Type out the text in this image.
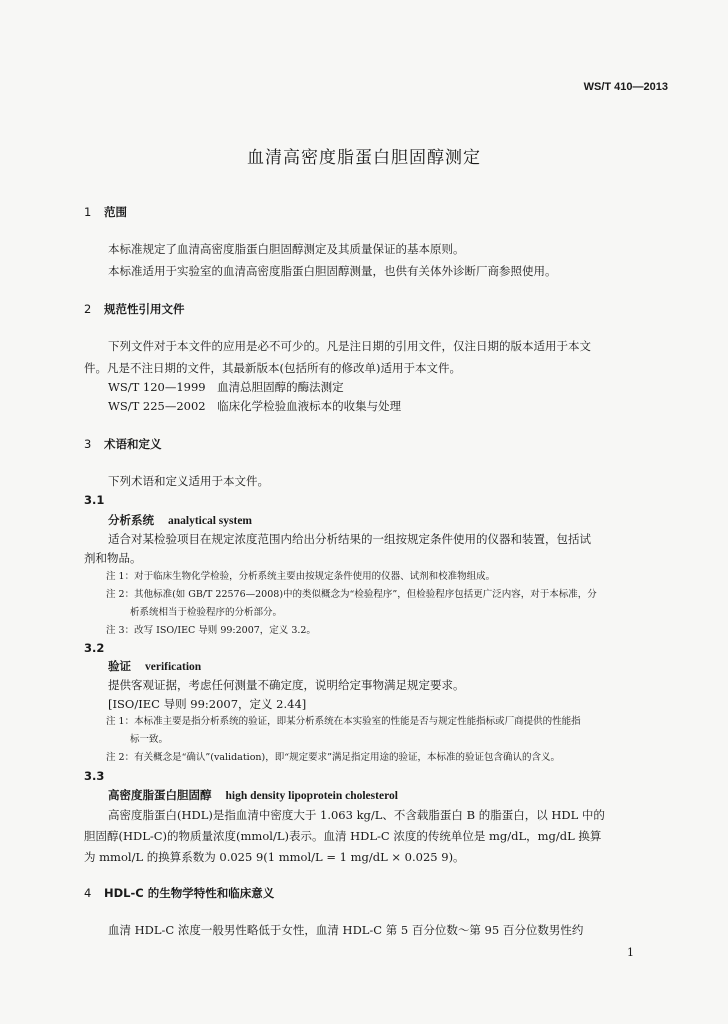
WS/T 410—2013
血清高密度脂蛋白胆固醇测定
1 范围
本标准规定了血清高密度脂蛋白胆固醇测定及其质量保证的基本原则。
本标准适用于实验室的血清高密度脂蛋白胆固醇测量，也供有关体外诊断厂商参照使用。
2 规范性引用文件
下列文件对于本文件的应用是必不可少的。凡是注日期的引用文件，仅注日期的版本适用于本文
件。凡是不注日期的文件，其最新版本(包括所有的修改单)适用于本文件。
WS/T 120—1999　血清总胆固醇的酶法测定
WS/T 225—2002　临床化学检验血液标本的收集与处理
3 术语和定义
下列术语和定义适用于本文件。
3.1
分析系统 analytical system
适合对某检验项目在规定浓度范围内给出分析结果的一组按规定条件使用的仪器和装置，包括试
剂和物品。
注 1：对于临床生物化学检验，分析系统主要由按规定条件使用的仪器、试剂和校准物组成。
注 2：其他标准(如 GB/T 22576—2008)中的类似概念为“检验程序”，但检验程序包括更广泛内容，对于本标准，分
析系统相当于检验程序的分析部分。
注 3：改写 ISO/IEC 导则 99:2007，定义 3.2。
3.2
验证 verification
提供客观证据，考虑任何测量不确定度，说明给定事物满足规定要求。
[ISO/IEC 导则 99:2007，定义 2.44]
注 1：本标准主要是指分析系统的验证，即某分析系统在本实验室的性能是否与规定性能指标或厂商提供的性能指
标一致。
注 2：有关概念是“确认”(validation)，即“规定要求”满足指定用途的验证，本标准的验证包含确认的含义。
3.3
高密度脂蛋白胆固醇 high density lipoprotein cholesterol
高密度脂蛋白(HDL)是指血清中密度大于 1.063 kg/L、不含载脂蛋白 B 的脂蛋白，以 HDL 中的
胆固醇(HDL-C)的物质量浓度(mmol/L)表示。血清 HDL-C 浓度的传统单位是 mg/dL，mg/dL 换算
为 mmol/L 的换算系数为 0.025 9(1 mmol/L = 1 mg/dL × 0.025 9)。
4 HDL-C 的生物学特性和临床意义
血清 HDL-C 浓度一般男性略低于女性，血清 HDL-C 第 5 百分位数～第 95 百分位数男性约
1
